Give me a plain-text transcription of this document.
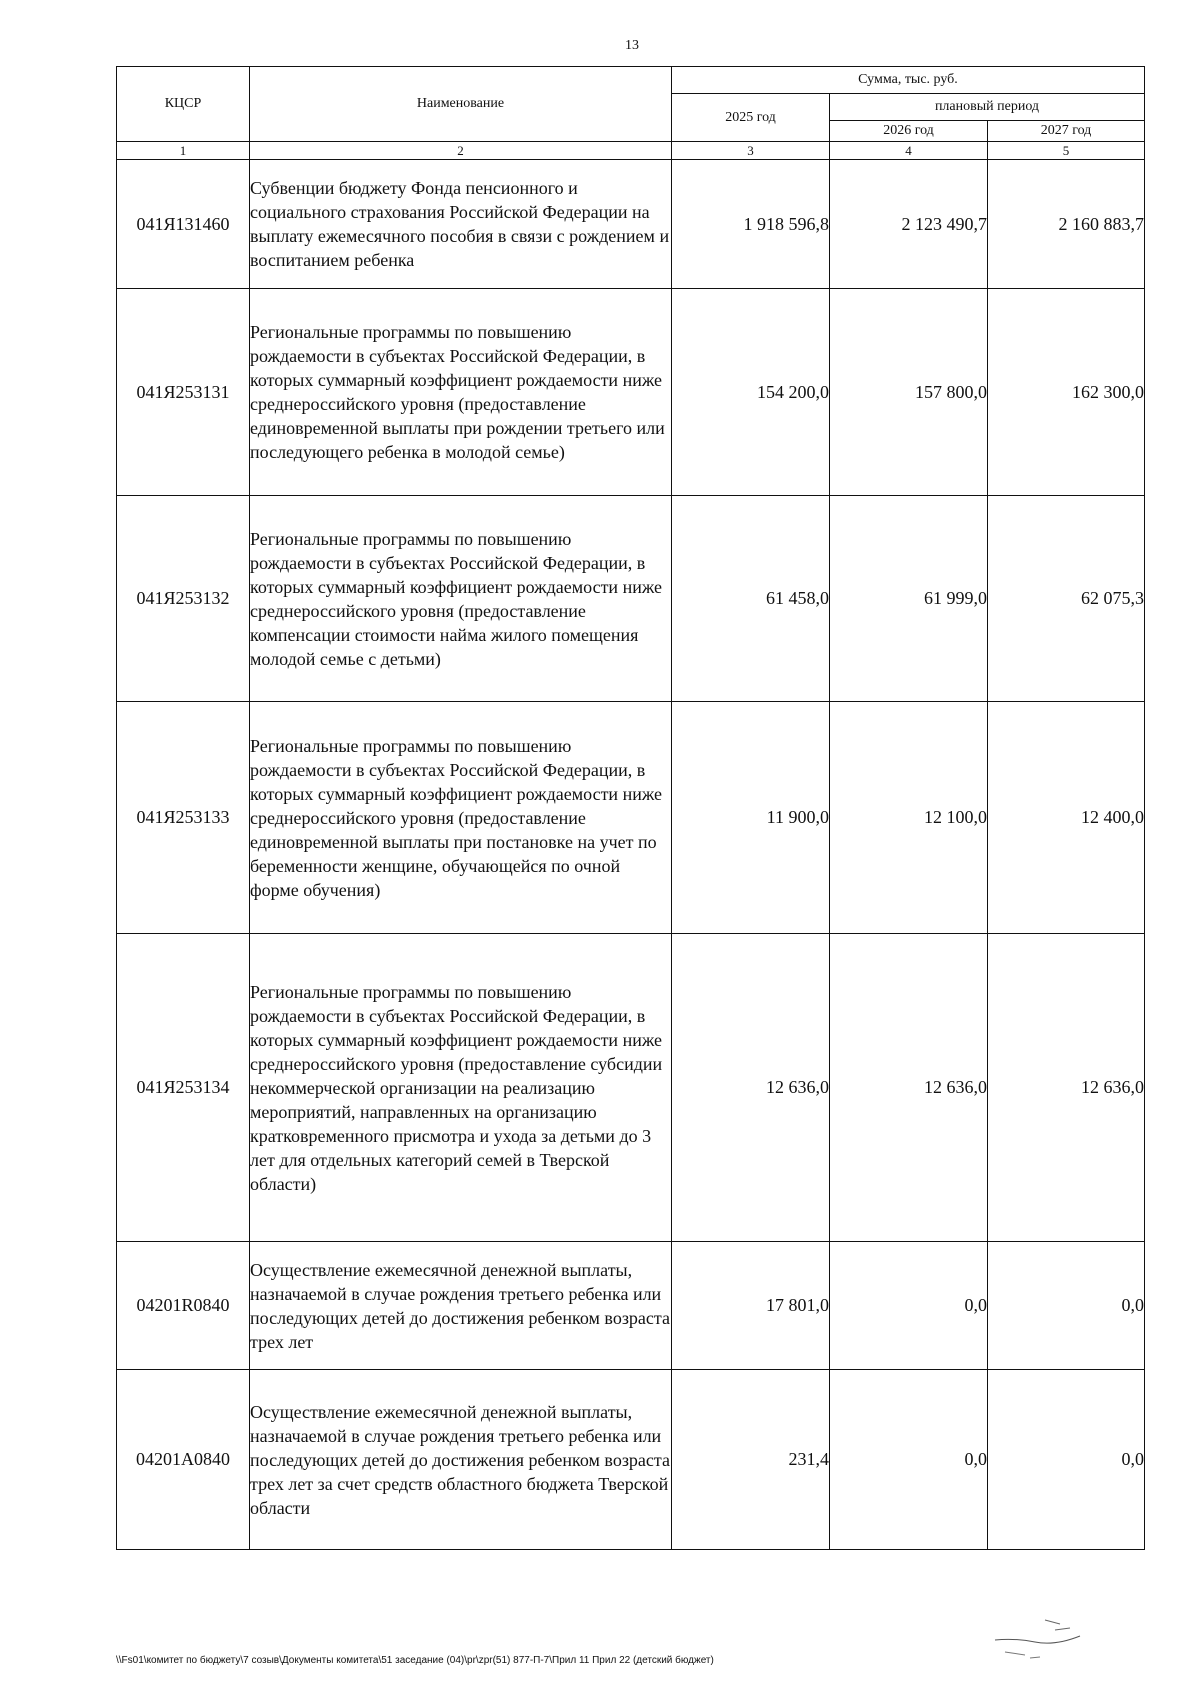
13
КЦСР	Наименование	Сумма, тыс. руб.		
		2025 год	плановый период	
			2026 год	2027 год
1	2	3	4	5
041Я131460	Субвенции бюджету Фонда пенсионного и социального страхования Российской Федерации на выплату ежемесячного пособия в связи с рождением и воспитанием ребенка	1 918 596,8	2 123 490,7	2 160 883,7
041Я253131	Региональные программы по повышению рождаемости в субъектах Российской Федерации, в которых суммарный коэффициент рождаемости ниже среднероссийского уровня (предоставление единовременной выплаты при рождении третьего или последующего ребенка в молодой семье)	154 200,0	157 800,0	162 300,0
041Я253132	Региональные программы по повышению рождаемости в субъектах Российской Федерации, в которых суммарный коэффициент рождаемости ниже среднероссийского уровня (предоставление компенсации стоимости найма жилого помещения молодой семье с детьми)	61 458,0	61 999,0	62 075,3
041Я253133	Региональные программы по повышению рождаемости в субъектах Российской Федерации, в которых суммарный коэффициент рождаемости ниже среднероссийского уровня (предоставление единовременной выплаты при постановке на учет по беременности женщине, обучающейся по очной форме обучения)	11 900,0	12 100,0	12 400,0
041Я253134	Региональные программы по повышению рождаемости в субъектах Российской Федерации, в которых суммарный коэффициент рождаемости ниже среднероссийского уровня (предоставление субсидии некоммерческой организации на реализацию мероприятий, направленных на организацию кратковременного присмотра и ухода за детьми до 3 лет для отдельных категорий семей в Тверской области)	12 636,0	12 636,0	12 636,0
04201R0840	Осуществление ежемесячной денежной выплаты, назначаемой в случае рождения третьего ребенка или последующих детей до достижения ребенком возраста трех лет	17 801,0	0,0	0,0
04201A0840	Осуществление ежемесячной денежной выплаты, назначаемой в случае рождения третьего ребенка или последующих детей до достижения ребенком возраста трех лет за счет средств областного бюджета Тверской области	231,4	0,0	0,0
\\Fs01\комитет по бюджету\7 созыв\Документы комитета\51 заседание (04)\pr\zpr(51) 877-П-7\Прил 11 Прил 22 (детский бюджет)
